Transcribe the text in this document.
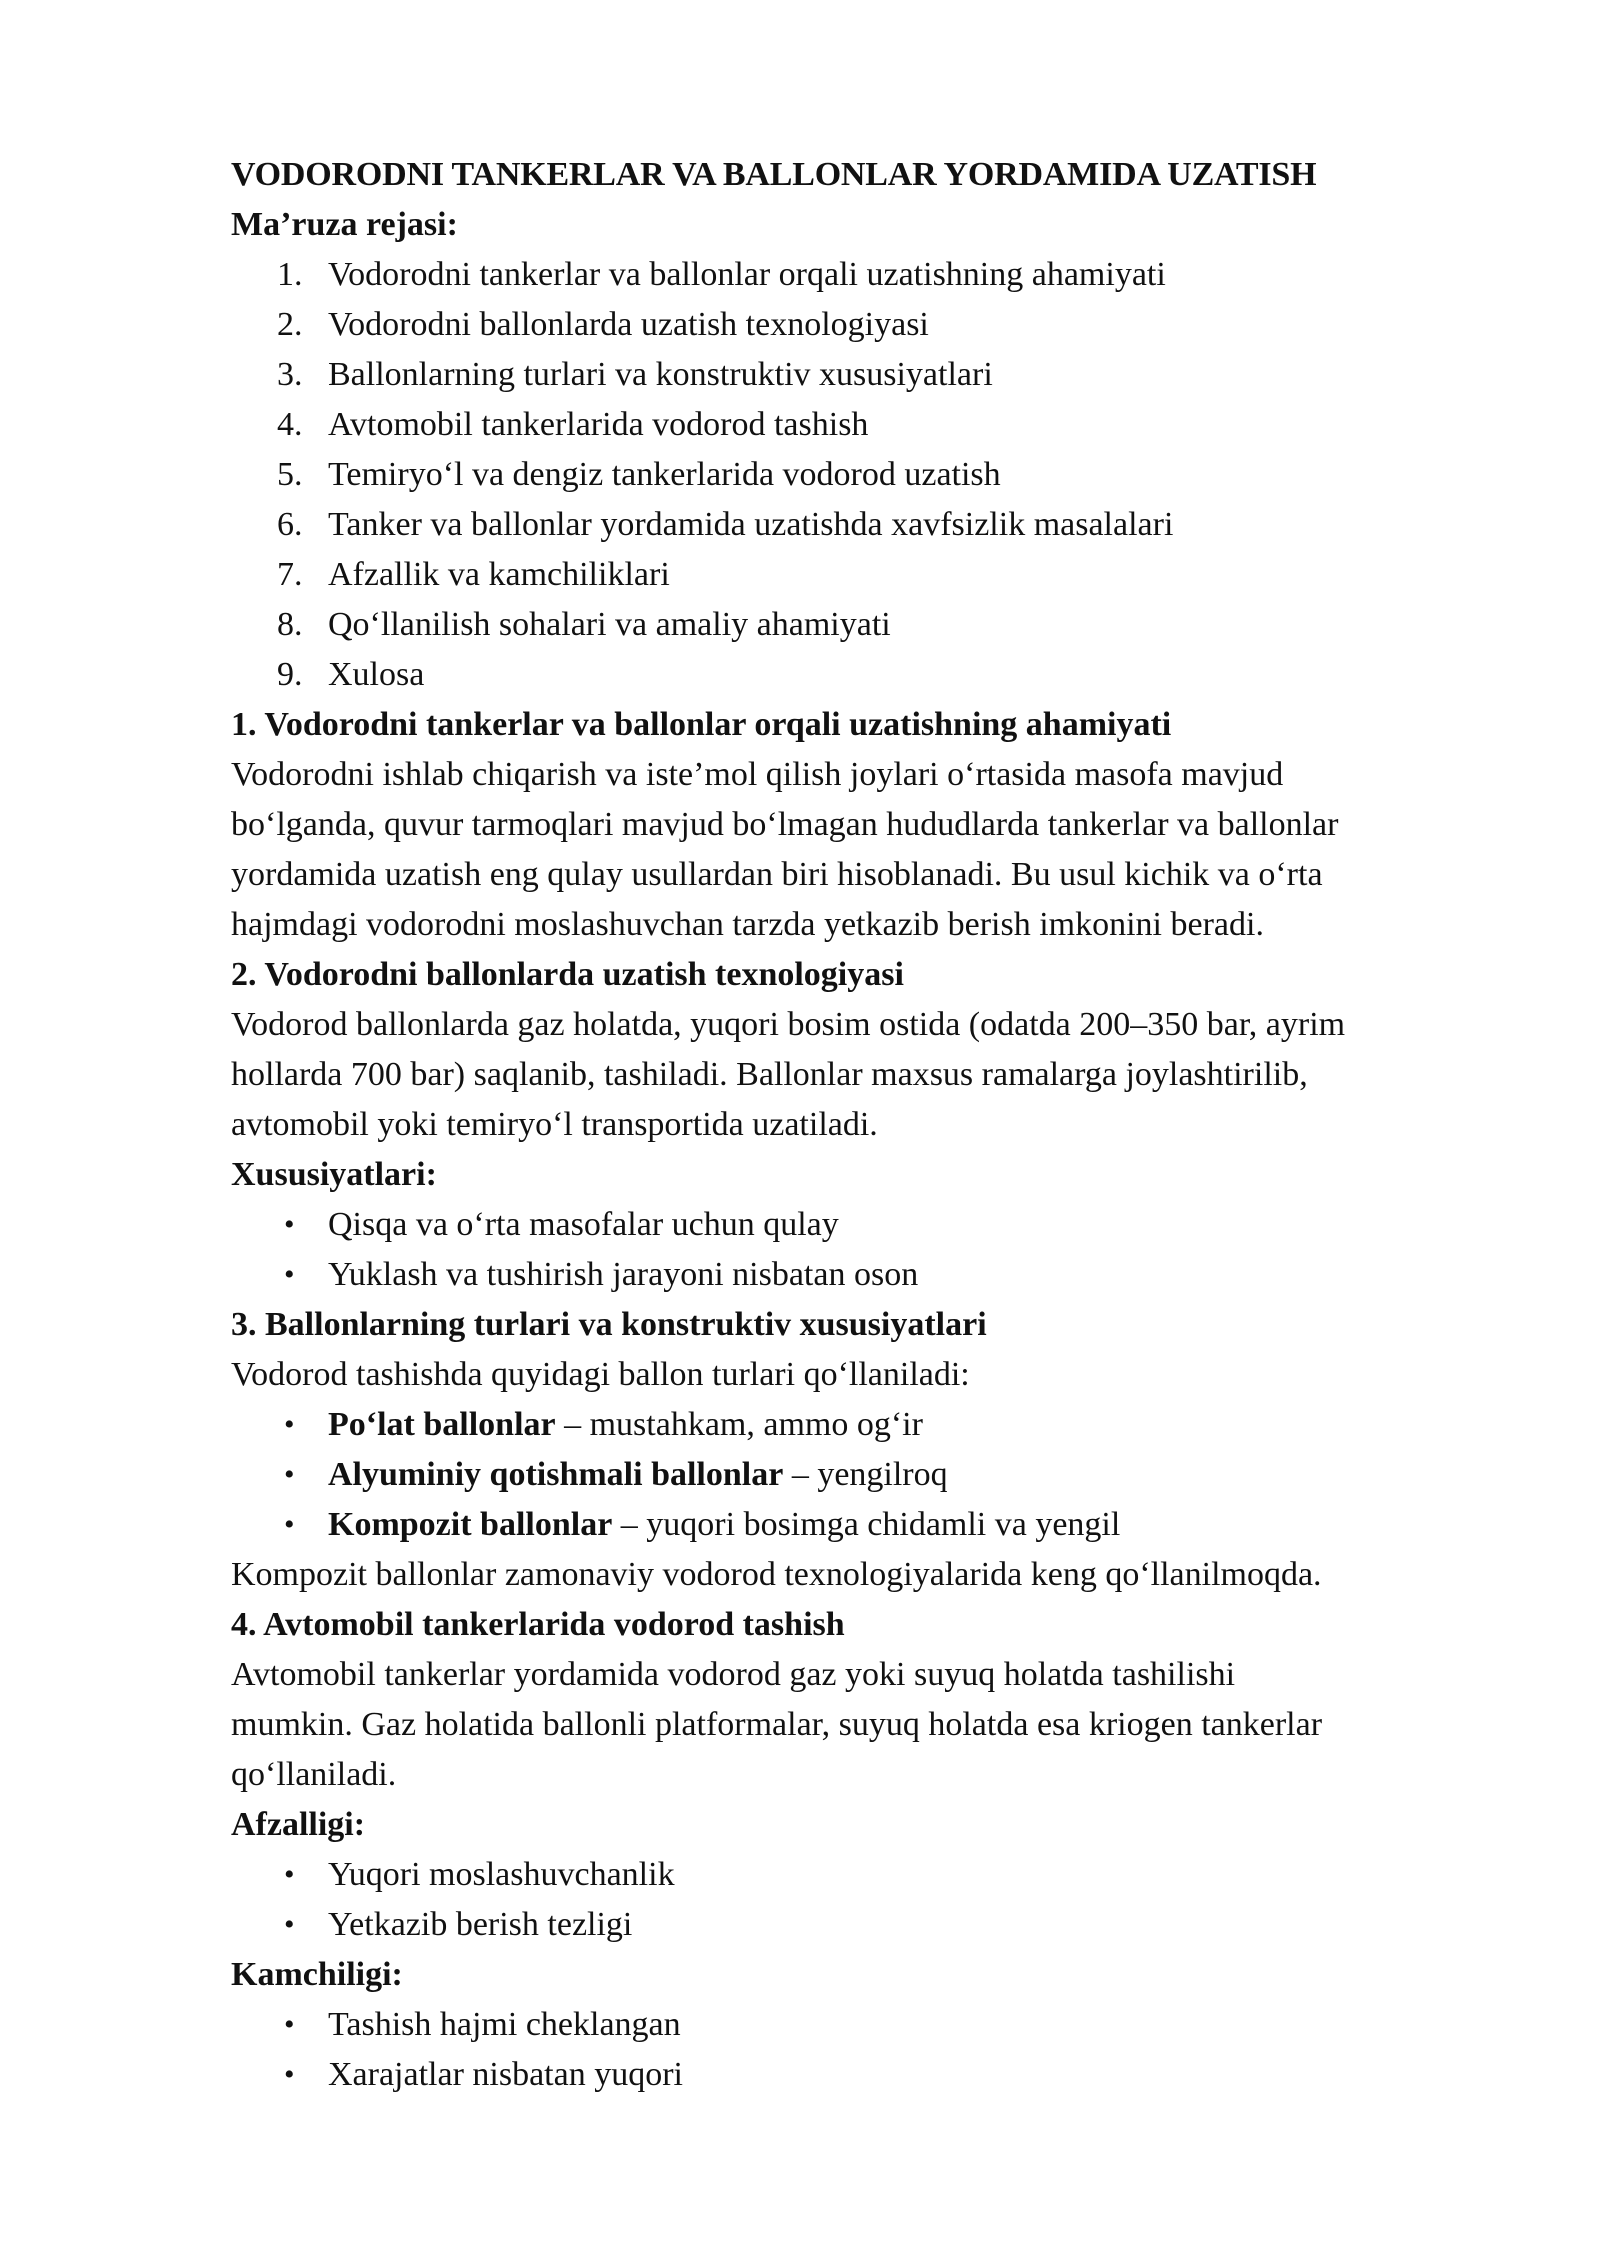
VODORODNI TANKERLAR VA BALLONLAR YORDAMIDA UZATISH

Ma’ruza rejasi:

1. Vodorodni tankerlar va ballonlar orqali uzatishning ahamiyati
2. Vodorodni ballonlarda uzatish texnologiyasi
3. Ballonlarning turlari va konstruktiv xususiyatlari
4. Avtomobil tankerlarida vodorod tashish
5. Temiryo‘l va dengiz tankerlarida vodorod uzatish
6. Tanker va ballonlar yordamida uzatishda xavfsizlik masalalari
7. Afzallik va kamchiliklari
8. Qo‘llanilish sohalari va amaliy ahamiyati
9. Xulosa

1. Vodorodni tankerlar va ballonlar orqali uzatishning ahamiyati

Vodorodni ishlab chiqarish va iste’mol qilish joylari o‘rtasida masofa mavjud

bo‘lganda, quvur tarmoqlari mavjud bo‘lmagan hududlarda tankerlar va ballonlar

yordamida uzatish eng qulay usullardan biri hisoblanadi. Bu usul kichik va o‘rta

hajmdagi vodorodni moslashuvchan tarzda yetkazib berish imkonini beradi.

2. Vodorodni ballonlarda uzatish texnologiyasi

Vodorod ballonlarda gaz holatda, yuqori bosim ostida (odatda 200–350 bar, ayrim

hollarda 700 bar) saqlanib, tashiladi. Ballonlar maxsus ramalarga joylashtirilib,

avtomobil yoki temiryo‘l transportida uzatiladi.

Xususiyatlari:

• Qisqa va o‘rta masofalar uchun qulay
• Yuklash va tushirish jarayoni nisbatan oson

3. Ballonlarning turlari va konstruktiv xususiyatlari

Vodorod tashishda quyidagi ballon turlari qo‘llaniladi:

• Po‘lat ballonlar – mustahkam, ammo og‘ir
• Alyuminiy qotishmali ballonlar – yengilroq
• Kompozit ballonlar – yuqori bosimga chidamli va yengil

Kompozit ballonlar zamonaviy vodorod texnologiyalarida keng qo‘llanilmoqda.

4. Avtomobil tankerlarida vodorod tashish

Avtomobil tankerlar yordamida vodorod gaz yoki suyuq holatda tashilishi

mumkin. Gaz holatida ballonli platformalar, suyuq holatda esa kriogen tankerlar

qo‘llaniladi.

Afzalligi:

• Yuqori moslashuvchanlik
• Yetkazib berish tezligi

Kamchiligi:

• Tashish hajmi cheklangan
• Xarajatlar nisbatan yuqori
